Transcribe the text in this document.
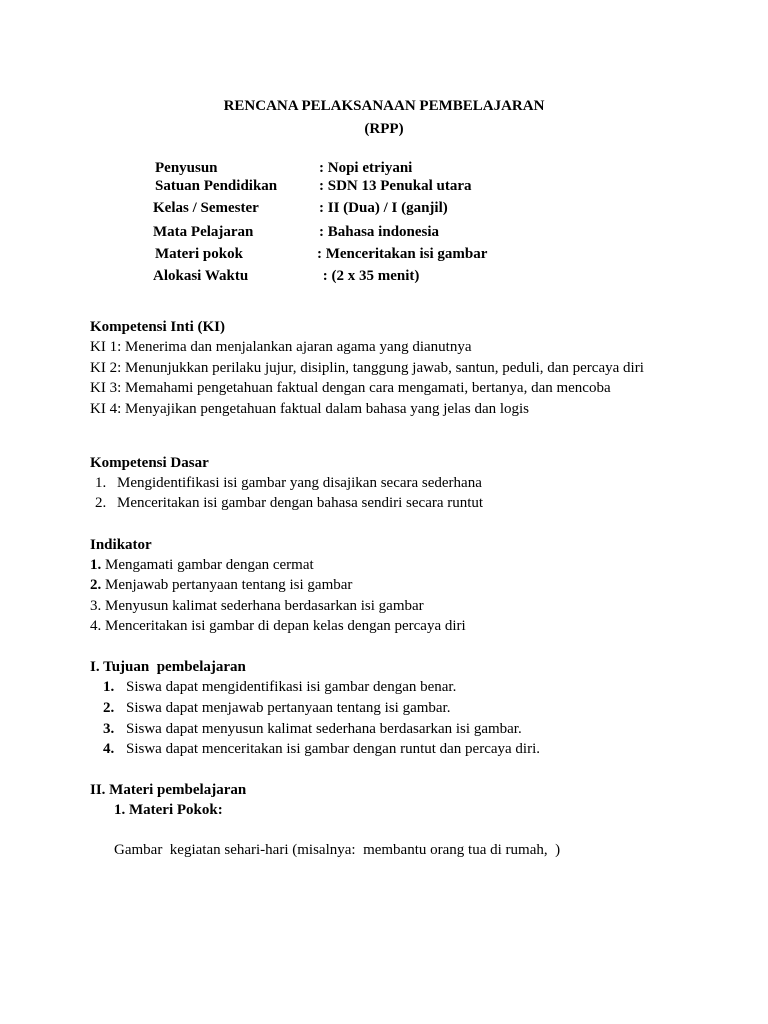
RENCANA PELAKSANAAN PEMBELAJARAN
(RPP)
Penyusun	: Nopi etriyani
Satuan Pendidikan	: SDN 13 Penukal utara
Kelas / Semester	: II (Dua) / I (ganjil)
Mata Pelajaran	: Bahasa indonesia
Materi pokok	: Menceritakan isi gambar
Alokasi Waktu	: (2 x 35 menit)
Kompetensi Inti (KI)
KI 1: Menerima dan menjalankan ajaran agama yang dianutnya
KI 2: Menunjukkan perilaku jujur, disiplin, tanggung jawab, santun, peduli, dan percaya diri
KI 3: Memahami pengetahuan faktual dengan cara mengamati, bertanya, dan mencoba
KI 4: Menyajikan pengetahuan faktual dalam bahasa yang jelas dan logis
Kompetensi Dasar
1. Mengidentifikasi isi gambar yang disajikan secara sederhana
2. Menceritakan isi gambar dengan bahasa sendiri secara runtut
Indikator
1. Mengamati gambar dengan cermat
2. Menjawab pertanyaan tentang isi gambar
3. Menyusun kalimat sederhana berdasarkan isi gambar
4. Menceritakan isi gambar di depan kelas dengan percaya diri
I. Tujuan  pembelajaran
1. Siswa dapat mengidentifikasi isi gambar dengan benar.
2. Siswa dapat menjawab pertanyaan tentang isi gambar.
3. Siswa dapat menyusun kalimat sederhana berdasarkan isi gambar.
4. Siswa dapat menceritakan isi gambar dengan runtut dan percaya diri.
II. Materi pembelajaran
1. Materi Pokok:
Gambar  kegiatan sehari-hari (misalnya:  membantu orang tua di rumah,  )
